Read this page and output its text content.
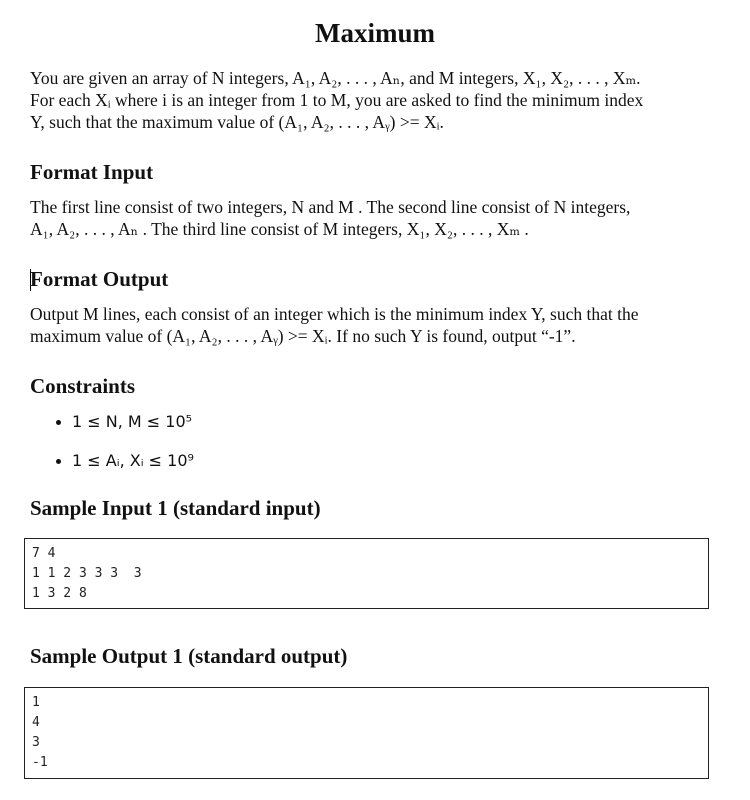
Maximum
You are given an array of N integers, A₁, A₂, . . . , Aₙ, and M integers, X₁, X₂, . . . , Xₘ.
For each Xᵢ where i is an integer from 1 to M, you are asked to find the minimum index
Y, such that the maximum value of (A₁, A₂, . . . , Aᵧ) >= Xᵢ.
Format Input
The first line consist of two integers, N and M . The second line consist of N integers,
A₁, A₂, . . . , Aₙ . The third line consist of M integers, X₁, X₂, . . . , Xₘ .
Format Output
Output M lines, each consist of an integer which is the minimum index Y, such that the
maximum value of (A₁, A₂, . . . , Aᵧ) >= Xᵢ. If no such Y is found, output “-1”.
Constraints
1 ≤ N, M ≤ 10⁵
1 ≤ Aᵢ, Xᵢ ≤ 10⁹
Sample Input 1 (standard input)
7 4
1 1 2 3 3 3  3
1 3 2 8
Sample Output 1 (standard output)
1
4
3
-1
